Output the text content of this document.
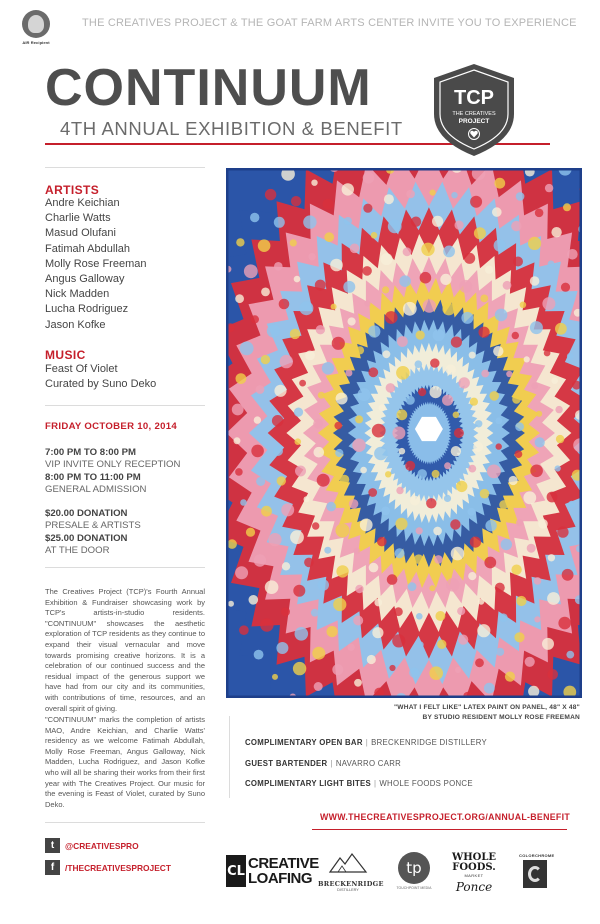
AIR Recipient
THE CREATIVES PROJECT & THE GOAT FARM ARTS CENTER INVITE YOU TO EXPERIENCE
CONTINUUM
4TH ANNUAL EXHIBITION & BENEFIT
TCP
THE CREATIVES
PROJECT
ARTISTS
Andre Keichian
Charlie Watts
Masud Olufani
Fatimah Abdullah
Molly Rose Freeman
Angus Galloway
Nick Madden
Lucha Rodriguez
Jason Kofke
MUSIC
Feast Of Violet
Curated by Suno Deko
FRIDAY OCTOBER 10, 2014
7:00 PM TO 8:00 PM
VIP INVITE ONLY RECEPTION
8:00 PM TO 11:00 PM
GENERAL ADMISSION
$20.00 DONATION
PRESALE & ARTISTS
$25.00 DONATION
AT THE DOOR
The Creatives Project (TCP)'s Fourth Annual Exhibition & Fundraiser showcasing work by TCP's artists-in-studio residents. "CONTINUUM" showcases the aesthetic exploration of TCP residents as they continue to expand their visual vernacular and move towards promising creative horizons. It is a celebration of our continued success and the residual impact of the generous support we have had from our city and its communities, with contributions of time, resources, and an overall spirit of giving.
"CONTINUUM" marks the completion of artists MAO, Andre Keichian, and Charlie Watts' residency as we welcome Fatimah Abdullah, Molly Rose Freeman, Angus Galloway, Nick Madden, Lucha Rodriguez, and Jason Kofke who will all be sharing their works from their first year with The Creatives Project. Our music for the evening is Feast of Violet, curated by Suno Deko.
t	@CREATIVESPRO
f	/THECREATIVESPROJECT
"WHAT I FELT LIKE" LATEX PAINT ON PANEL, 48" X 48"
BY STUDIO RESIDENT MOLLY ROSE FREEMAN
COMPLIMENTARY OPEN BAR | BRECKENRIDGE DISTILLERY
GUEST BARTENDER | NAVARRO CARR
COMPLIMENTARY LIGHT BITES | WHOLE FOODS PONCE
WWW.THECREATIVESPROJECT.ORG/ANNUAL-BENEFIT
CL CREATIVE
LOAFING BRECKENRIDGE
DISTILLERY
tp
TOUCHPOINT MEDIA
WHOLE
FOODS.
MARKET
Ponce
COLORCHROME
